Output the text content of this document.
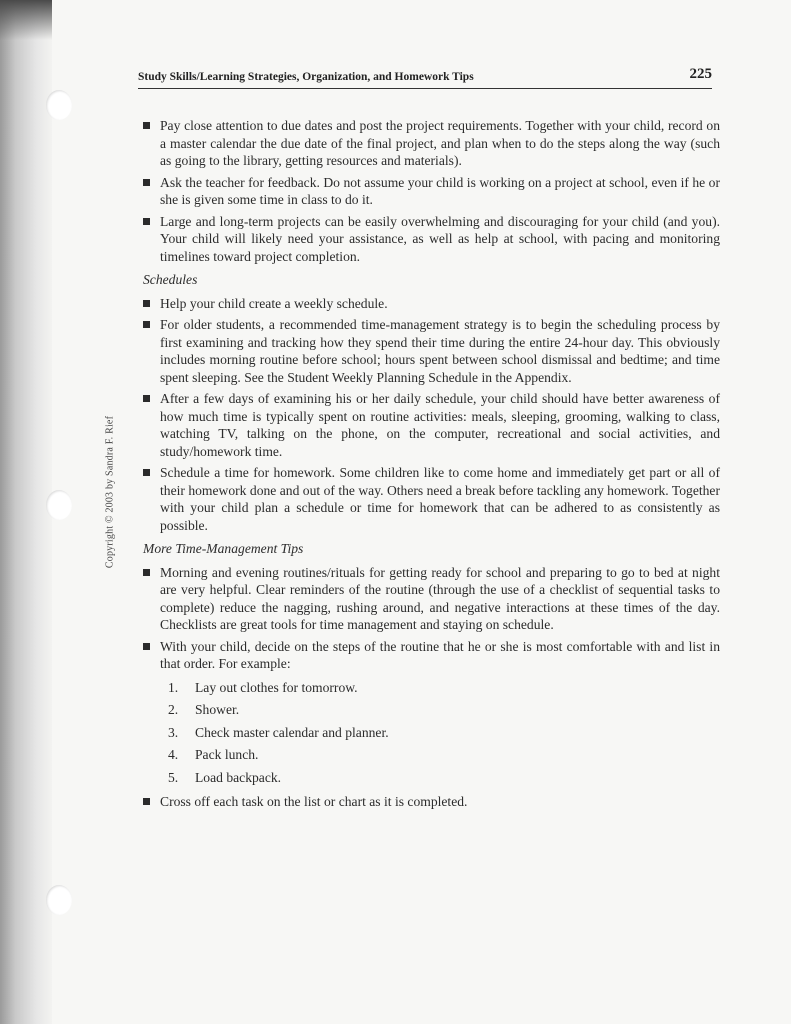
Copyright © 2003 by Sandra F. Rief
Study Skills/Learning Strategies, Organization, and Homework Tips	225
Pay close attention to due dates and post the project requirements. Together with your child, record on a master calendar the due date of the final project, and plan when to do the steps along the way (such as going to the library, getting resources and materials).
Ask the teacher for feedback. Do not assume your child is working on a project at school, even if he or she is given some time in class to do it.
Large and long-term projects can be easily overwhelming and discouraging for your child (and you). Your child will likely need your assistance, as well as help at school, with pacing and monitoring timelines toward project completion.
Schedules
Help your child create a weekly schedule.
For older students, a recommended time-management strategy is to begin the scheduling process by first examining and tracking how they spend their time during the entire 24-hour day. This obviously includes morning routine before school; hours spent between school dismissal and bedtime; and time spent sleeping. See the Student Weekly Planning Schedule in the Appendix.
After a few days of examining his or her daily schedule, your child should have better awareness of how much time is typically spent on routine activities: meals, sleeping, grooming, walking to class, watching TV, talking on the phone, on the computer, recreational and social activities, and study/homework time.
Schedule a time for homework. Some children like to come home and immediately get part or all of their homework done and out of the way. Others need a break before tackling any homework. Together with your child plan a schedule or time for homework that can be adhered to as consistently as possible.
More Time-Management Tips
Morning and evening routines/rituals for getting ready for school and preparing to go to bed at night are very helpful. Clear reminders of the routine (through the use of a checklist of sequential tasks to complete) reduce the nagging, rushing around, and negative interactions at these times of the day. Checklists are great tools for time management and staying on schedule.
With your child, decide on the steps of the routine that he or she is most comfortable with and list in that order. For example:
1.	Lay out clothes for tomorrow.
2.	Shower.
3.	Check master calendar and planner.
4.	Pack lunch.
5.	Load backpack.
Cross off each task on the list or chart as it is completed.
